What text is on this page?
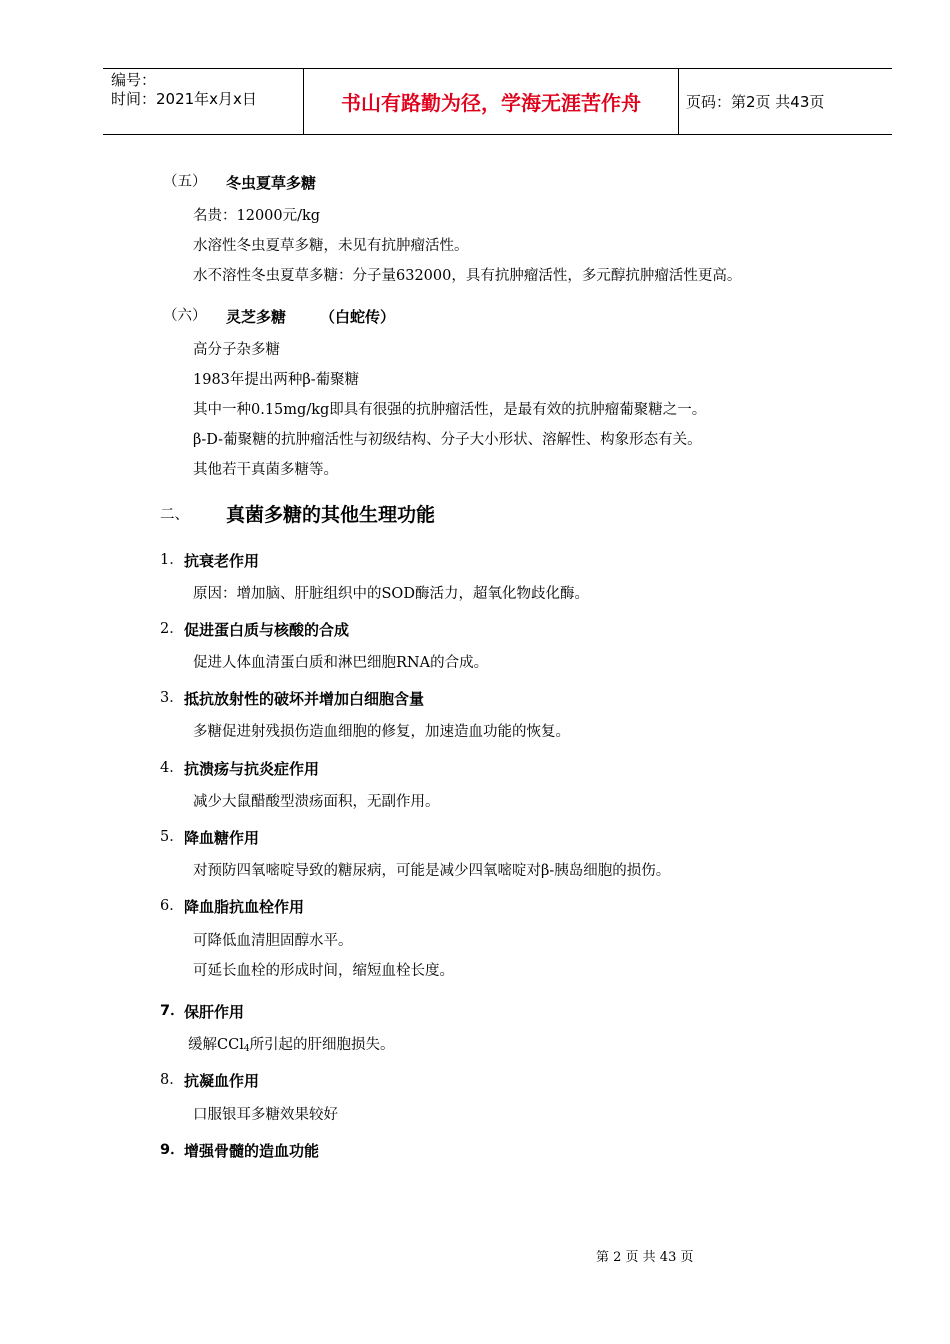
编号：
时间：2021年x月x日	书山有路勤为径，学海无涯苦作舟	页码：第2页 共43页
（五） 冬虫夏草多糖
名贵：12000元/kg
水溶性冬虫夏草多糖，未见有抗肿瘤活性。
水不溶性冬虫夏草多糖：分子量632000，具有抗肿瘤活性，多元醇抗肿瘤活性更高。
（六） 灵芝多糖 （白蛇传）
高分子杂多糖
1983年提出两种β-葡聚糖
其中一种0.15mg/kg即具有很强的抗肿瘤活性，是最有效的抗肿瘤葡聚糖之一。
β-D-葡聚糖的抗肿瘤活性与初级结构、分子大小形状、溶解性、构象形态有关。
其他若干真菌多糖等。
二、 真菌多糖的其他生理功能
1． 抗衰老作用
原因：增加脑、肝脏组织中的SOD酶活力，超氧化物歧化酶。
2． 促进蛋白质与核酸的合成
促进人体血清蛋白质和淋巴细胞RNA的合成。
3． 抵抗放射性的破坏并增加白细胞含量
多糖促进射残损伤造血细胞的修复，加速造血功能的恢复。
4． 抗溃疡与抗炎症作用
减少大鼠醋酸型溃疡面积，无副作用。
5． 降血糖作用
对预防四氧嘧啶导致的糖尿病，可能是减少四氧嘧啶对β-胰岛细胞的损伤。
6． 降血脂抗血栓作用
可降低血清胆固醇水平。
可延长血栓的形成时间，缩短血栓长度。
7． 保肝作用
缓解CCl$_4$所引起的肝细胞损失。
8． 抗凝血作用
口服银耳多糖效果较好
9． 增强骨髓的造血功能
第 2 页 共 43 页
